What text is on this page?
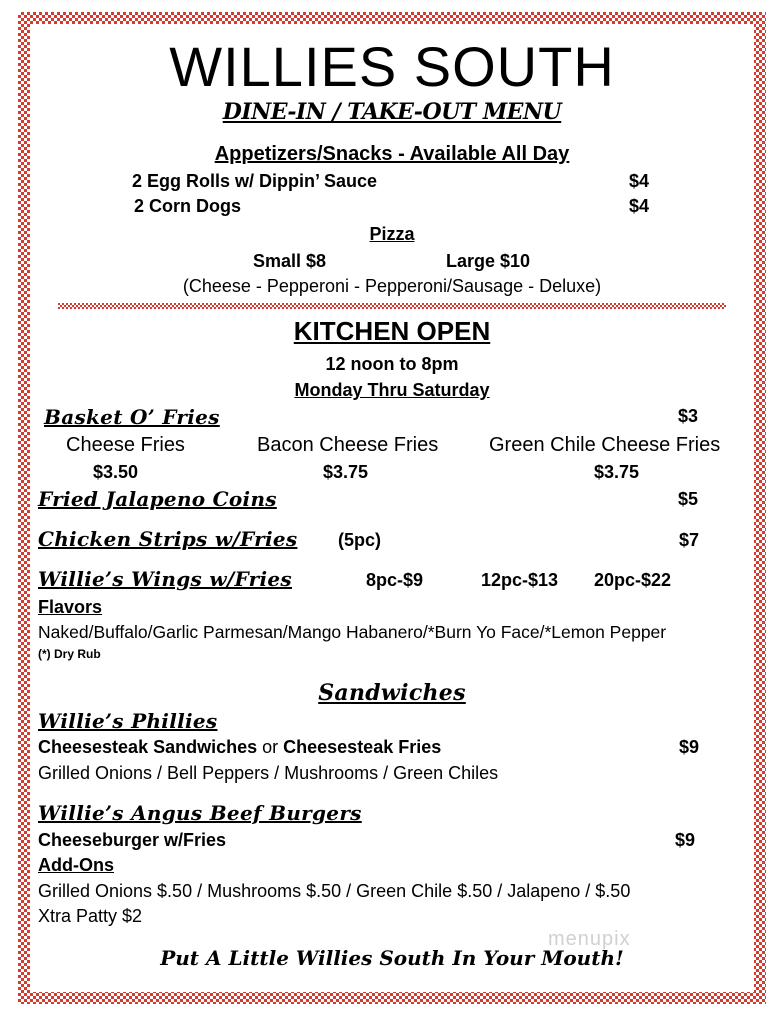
WILLIES SOUTH
DINE-IN / TAKE-OUT MENU
Appetizers/Snacks - Available All Day
2 Egg Rolls w/ Dippin’ Sauce	$4
2 Corn Dogs	$4
Pizza
Small $8	Large $10
(Cheese - Pepperoni - Pepperoni/Sausage - Deluxe)
KITCHEN OPEN
12 noon to 8pm
Monday Thru Saturday
Basket O’ Fries	$3
Cheese Fries	Bacon Cheese Fries	Green Chile Cheese Fries
$3.50	$3.75	$3.75
Fried Jalapeno Coins	$5
Chicken Strips w/Fries (5pc)	$7
Willie’s Wings w/Fries	8pc-$9	12pc-$13 20pc-$22
Flavors
Naked/Buffalo/Garlic Parmesan/Mango Habanero/*Burn Yo Face/*Lemon Pepper
(*) Dry Rub
Sandwiches
Willie’s Phillies
Cheesesteak Sandwiches or Cheesesteak Fries	$9
Grilled Onions / Bell Peppers / Mushrooms / Green Chiles
Willie’s Angus Beef Burgers
Cheeseburger w/Fries	$9
Add-Ons
Grilled Onions $.50 / Mushrooms $.50 / Green Chile $.50 / Jalapeno / $.50
Xtra Patty $2
menupix
Put A Little Willies South In Your Mouth!
